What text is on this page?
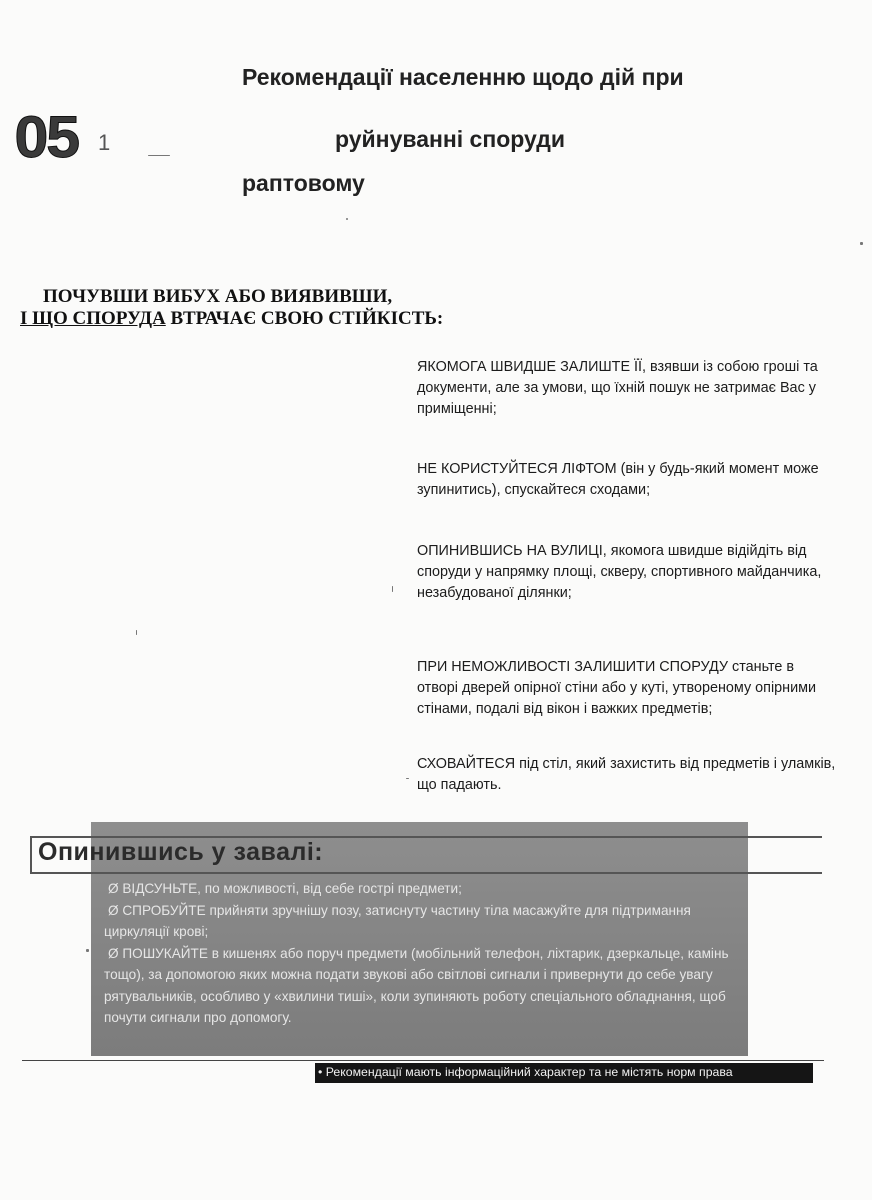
05 1
Рекомендації населенню щодо дій при
руйнуванні споруди
раптовому
ПОЧУВШИ ВИБУХ АБО ВИЯВИВШИ,
І ЩО СПОРУДА ВТРАЧАЄ СВОЮ СТІЙКІСТЬ:
ЯКОМОГА ШВИДШЕ ЗАЛИШТЕ ЇЇ, взявши із собою гроші та документи, але за умови, що їхній пошук не затримає Вас у приміщенні;
НЕ КОРИСТУЙТЕСЯ ЛІФТОМ (він у будь-який момент може зупинитись), спускайтеся сходами;
ОПИНИВШИСЬ НА ВУЛИЦІ, якомога швидше відійдіть від споруди у напрямку площі, скверу, спортивного майданчика, незабудованої ділянки;
ПРИ НЕМОЖЛИВОСТІ ЗАЛИШИТИ СПОРУДУ станьте в отворі дверей опірної стіни або у куті, утвореному опірними стінами, подалі від вікон і важких предметів;
СХОВАЙТЕСЯ під стіл, який захистить від предметів і уламків, що падають.
Опинившись у завалі:
Ø ВІДСУНЬТЕ, по можливості, від себе гострі предмети;
Ø СПРОБУЙТЕ прийняти зручнішу позу, затиснуту частину тіла масажуйте для підтримання циркуляції крові;
Ø ПОШУКАЙТЕ в кишенях або поруч предмети (мобільний телефон, ліхтарик, дзеркальце, камінь тощо), за допомогою яких можна подати звукові або світлові сигнали і привернути до себе увагу рятувальників, особливо у «хвилини тиші», коли зупиняють роботу спеціального обладнання, щоб почути сигнали про допомогу.
• Рекомендації мають інформаційний характер та не містять норм права
